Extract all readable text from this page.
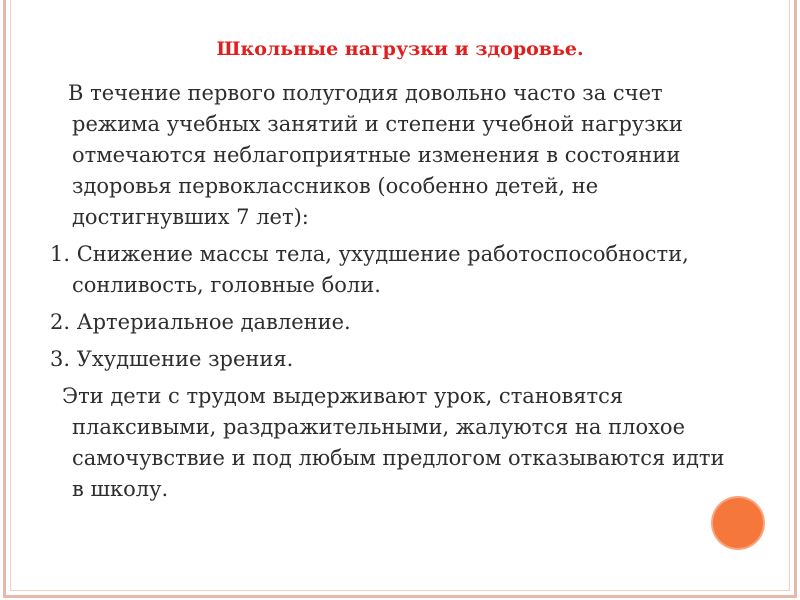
Школьные нагрузки и здоровье.

В течение первого полугодия довольно часто за счет режима учебных занятий и степени учебной нагрузки отмечаются неблагоприятные изменения в состоянии здоровья первоклассников (особенно детей, не достигнувших 7 лет):

1. Снижение массы тела, ухудшение работоспособности, сонливость, головные боли.

2. Артериальное давление.

3. Ухудшение зрения.

Эти дети с трудом выдерживают урок, становятся плаксивыми, раздражительными, жалуются на плохое самочувствие и под любым предлогом отказываются идти в школу.
